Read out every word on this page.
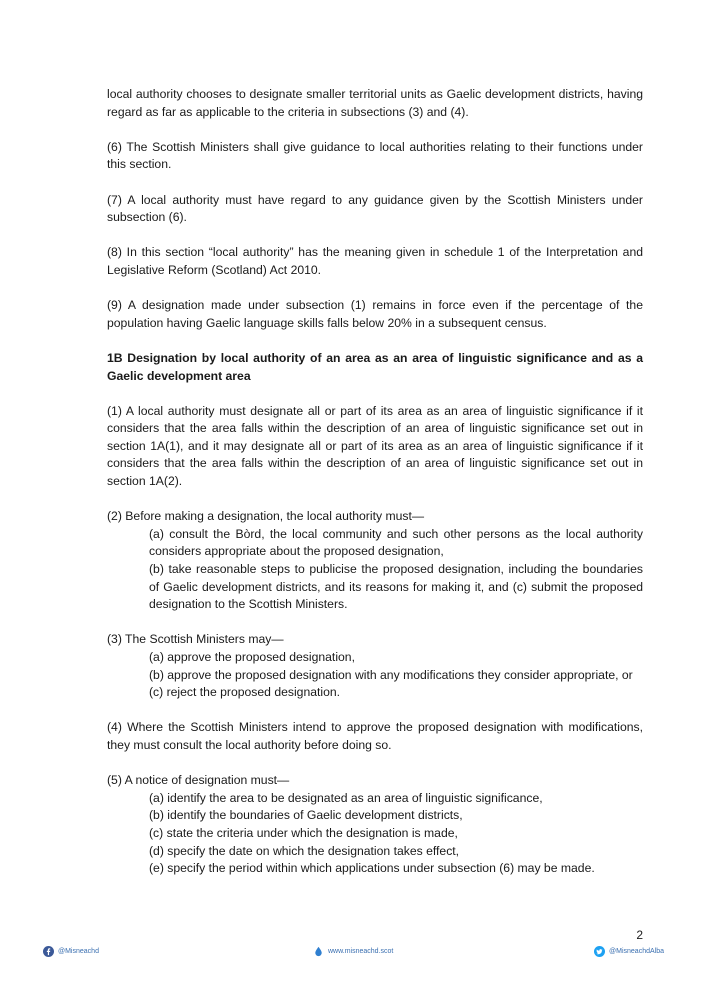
local authority chooses to designate smaller territorial units as Gaelic development districts, having regard as far as applicable to the criteria in subsections (3) and (4).

(6) The Scottish Ministers shall give guidance to local authorities relating to their functions under this section.

(7) A local authority must have regard to any guidance given by the Scottish Ministers under subsection (6).

(8) In this section “local authority” has the meaning given in schedule 1 of the Interpretation and Legislative Reform (Scotland) Act 2010.

(9) A designation made under subsection (1) remains in force even if the percentage of the population having Gaelic language skills falls below 20% in a subsequent census.

1B Designation by local authority of an area as an area of linguistic significance and as a Gaelic development area

(1) A local authority must designate all or part of its area as an area of linguistic significance if it considers that the area falls within the description of an area of linguistic significance set out in section 1A(1), and it may designate all or part of its area as an area of linguistic significance if it considers that the area falls within the description of an area of linguistic significance set out in section 1A(2).

(2) Before making a designation, the local authority must—

(a) consult the Bòrd, the local community and such other persons as the local authority considers appropriate about the proposed designation,

(b) take reasonable steps to publicise the proposed designation, including the boundaries of Gaelic development districts, and its reasons for making it, and (c) submit the proposed designation to the Scottish Ministers.

(3) The Scottish Ministers may—

(a) approve the proposed designation,

(b) approve the proposed designation with any modifications they consider appropriate, or

(c) reject the proposed designation.

(4) Where the Scottish Ministers intend to approve the proposed designation with modifications, they must consult the local authority before doing so.

(5) A notice of designation must—

(a) identify the area to be designated as an area of linguistic significance,

(b) identify the boundaries of Gaelic development districts,

(c) state the criteria under which the designation is made,

(d) specify the date on which the designation takes effect,

(e) specify the period within which applications under subsection (6) may be made.

2
@Misneachd	www.misneachd.scot	@MisneachdAlba
